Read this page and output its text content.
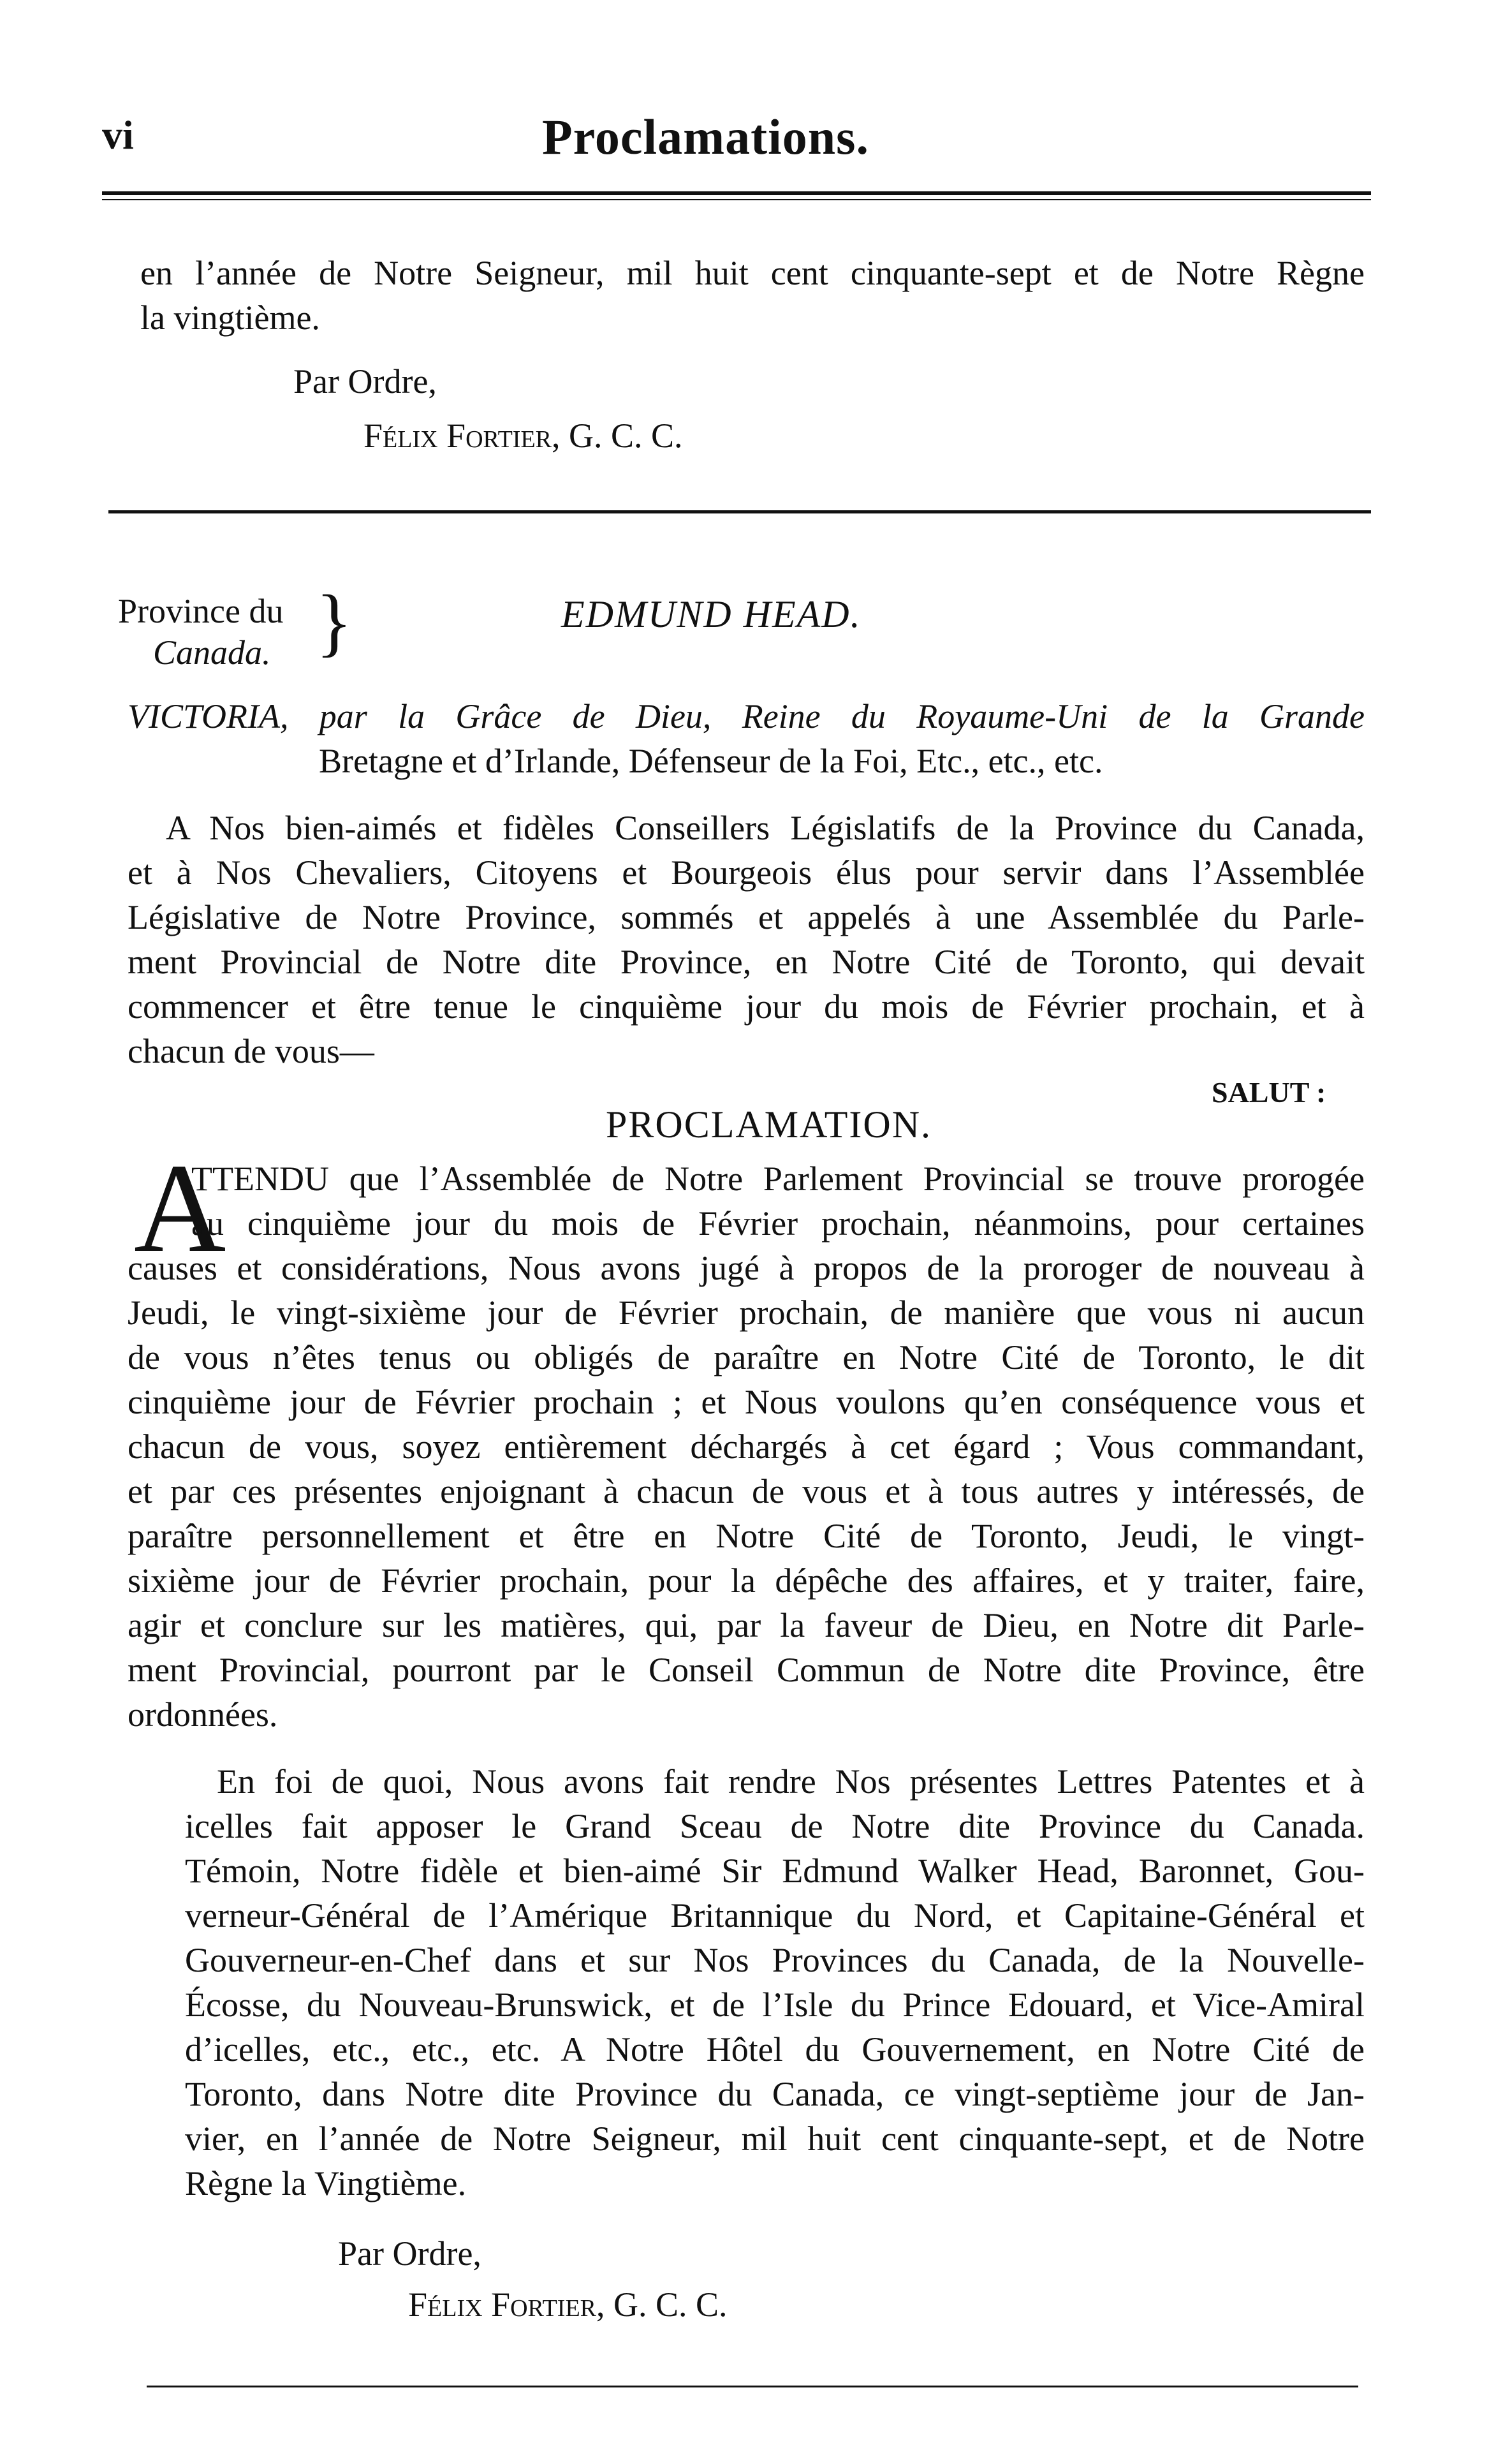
vi	Proclamations.
en l’année de Notre Seigneur, mil huit cent cinquante-sept et de Notre Règne
la vingtième.
Par Ordre,
Félix Fortier, G. C. C.
Province du
Canada. }	EDMUND HEAD.
VICTORIA, par la Grâce de Dieu, Reine du Royaume-Uni de la Grande
Bretagne et d’Irlande, Défenseur de la Foi, Etc., etc., etc.
A Nos bien-aimés et fidèles Conseillers Législatifs de la Province du Canada,
et à Nos Chevaliers, Citoyens et Bourgeois élus pour servir dans l’Assemblée
Législative de Notre Province, sommés et appelés à une Assemblée du Parle-
ment Provincial de Notre dite Province, en Notre Cité de Toronto, qui devait
commencer et être tenue le cinquième jour du mois de Février prochain, et à
chacun de vous—
SALUT :
PROCLAMATION.
A
TTENDU que l’Assemblée de Notre Parlement Provincial se trouve prorogée
au cinquième jour du mois de Février prochain, néanmoins, pour certaines
causes et considérations, Nous avons jugé à propos de la proroger de nouveau à
Jeudi, le vingt-sixième jour de Février prochain, de manière que vous ni aucun
de vous n’êtes tenus ou obligés de paraître en Notre Cité de Toronto, le dit
cinquième jour de Février prochain ; et Nous voulons qu’en conséquence vous et
chacun de vous, soyez entièrement déchargés à cet égard ; Vous commandant,
et par ces présentes enjoignant à chacun de vous et à tous autres y intéressés, de
paraître personnellement et être en Notre Cité de Toronto, Jeudi, le vingt-
sixième jour de Février prochain, pour la dépêche des affaires, et y traiter, faire,
agir et conclure sur les matières, qui, par la faveur de Dieu, en Notre dit Parle-
ment Provincial, pourront par le Conseil Commun de Notre dite Province, être
ordonnées.
En foi de quoi, Nous avons fait rendre Nos présentes Lettres Patentes et à
icelles fait apposer le Grand Sceau de Notre dite Province du Canada.
Témoin, Notre fidèle et bien-aimé Sir Edmund Walker Head, Baronnet, Gou-
verneur-Général de l’Amérique Britannique du Nord, et Capitaine-Général et
Gouverneur-en-Chef dans et sur Nos Provinces du Canada, de la Nouvelle-
Écosse, du Nouveau-Brunswick, et de l’Isle du Prince Edouard, et Vice-Amiral
d’icelles, etc., etc., etc. A Notre Hôtel du Gouvernement, en Notre Cité de
Toronto, dans Notre dite Province du Canada, ce vingt-septième jour de Jan-
vier, en l’année de Notre Seigneur, mil huit cent cinquante-sept, et de Notre
Règne la Vingtième.
Par Ordre,
Félix Fortier, G. C. C.
